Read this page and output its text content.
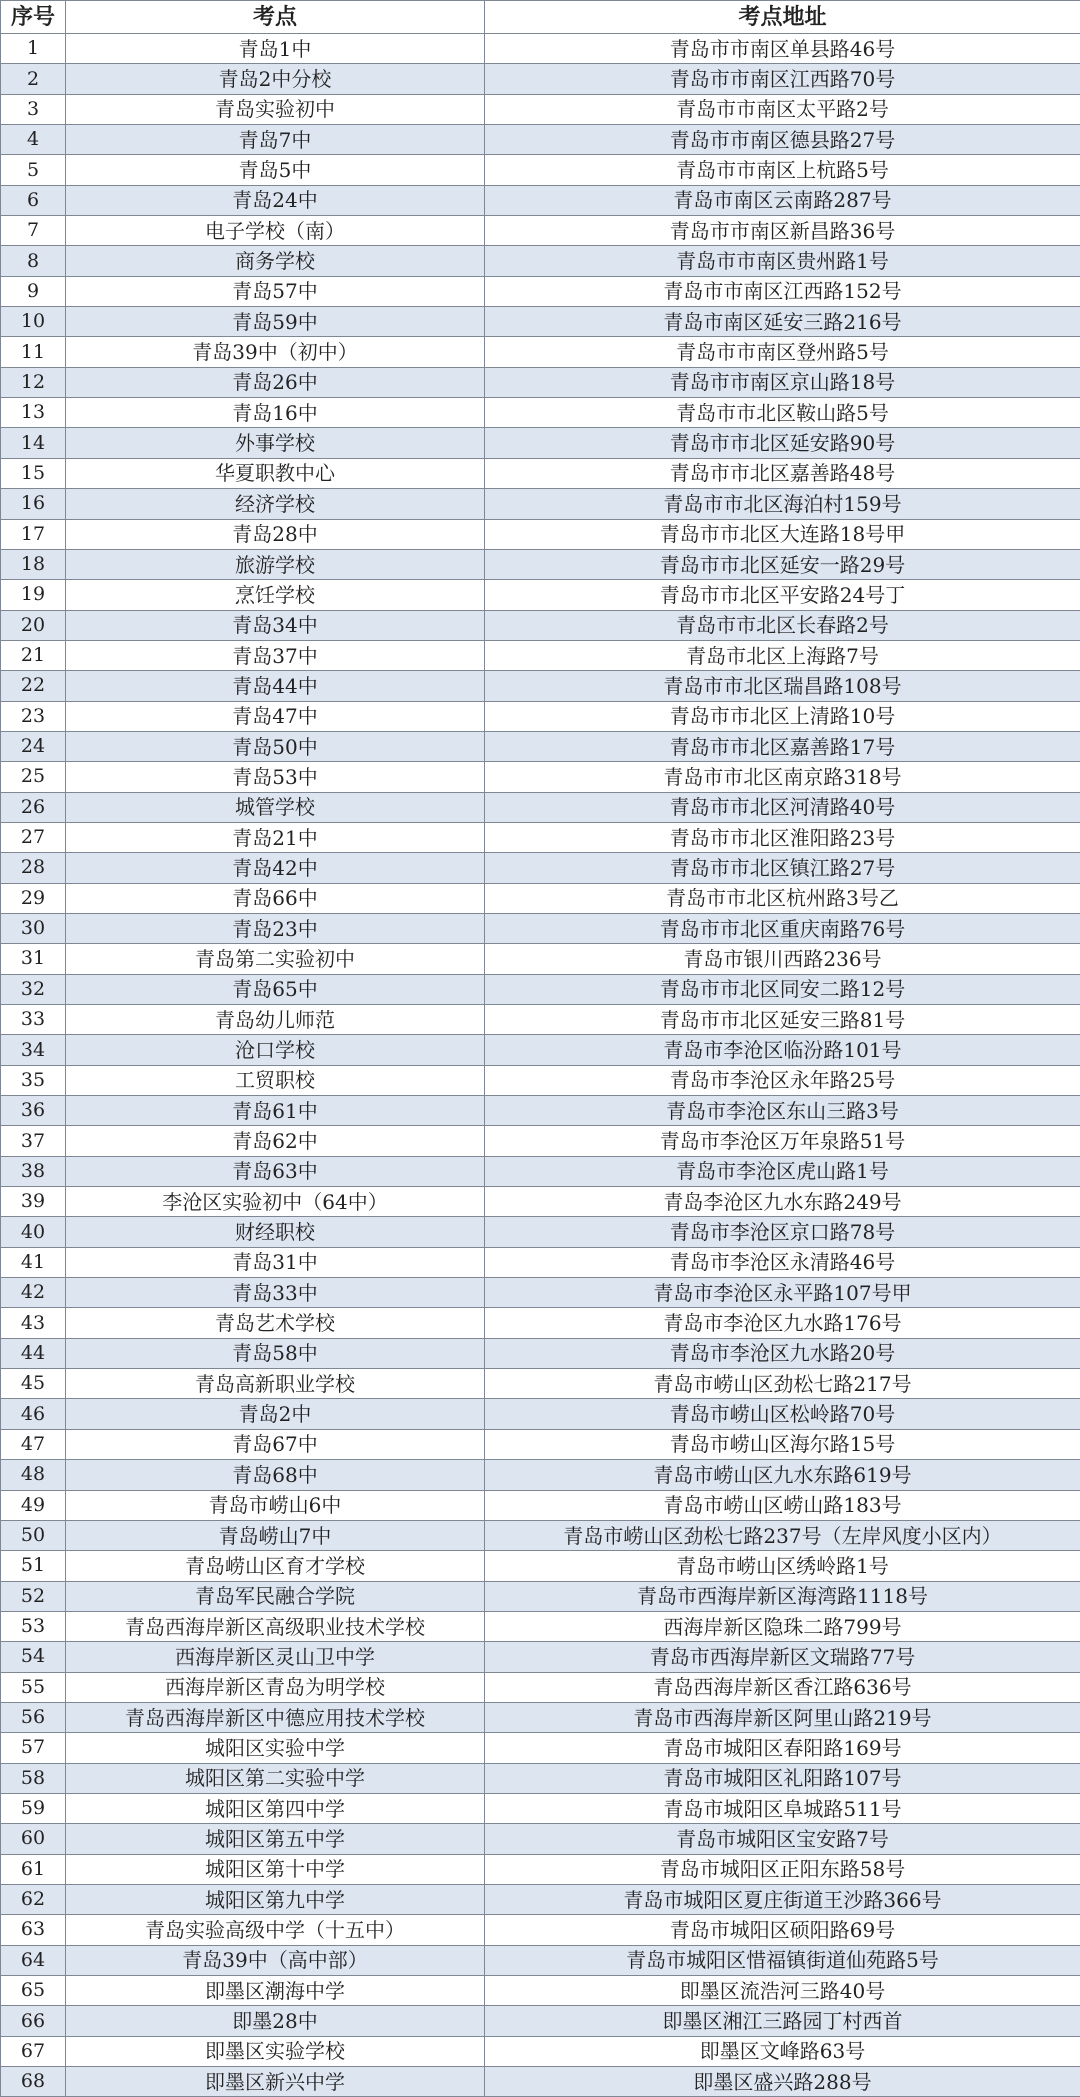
序号	考点	考点地址
1	青岛1中	青岛市市南区单县路46号
2	青岛2中分校	青岛市市南区江西路70号
3	青岛实验初中	青岛市市南区太平路2号
4	青岛7中	青岛市市南区德县路27号
5	青岛5中	青岛市市南区上杭路5号
6	青岛24中	青岛市南区云南路287号
7	电子学校（南）	青岛市市南区新昌路36号
8	商务学校	青岛市市南区贵州路1号
9	青岛57中	青岛市市南区江西路152号
10	青岛59中	青岛市南区延安三路216号
11	青岛39中（初中）	青岛市市南区登州路5号
12	青岛26中	青岛市市南区京山路18号
13	青岛16中	青岛市市北区鞍山路5号
14	外事学校	青岛市市北区延安路90号
15	华夏职教中心	青岛市市北区嘉善路48号
16	经济学校	青岛市市北区海泊村159号
17	青岛28中	青岛市市北区大连路18号甲
18	旅游学校	青岛市市北区延安一路29号
19	烹饪学校	青岛市市北区平安路24号丁
20	青岛34中	青岛市市北区长春路2号
21	青岛37中	青岛市北区上海路7号
22	青岛44中	青岛市市北区瑞昌路108号
23	青岛47中	青岛市市北区上清路10号
24	青岛50中	青岛市市北区嘉善路17号
25	青岛53中	青岛市市北区南京路318号
26	城管学校	青岛市市北区河清路40号
27	青岛21中	青岛市市北区淮阳路23号
28	青岛42中	青岛市市北区镇江路27号
29	青岛66中	青岛市市北区杭州路3号乙
30	青岛23中	青岛市市北区重庆南路76号
31	青岛第二实验初中	青岛市银川西路236号
32	青岛65中	青岛市市北区同安二路12号
33	青岛幼儿师范	青岛市市北区延安三路81号
34	沧口学校	青岛市李沧区临汾路101号
35	工贸职校	青岛市李沧区永年路25号
36	青岛61中	青岛市李沧区东山三路3号
37	青岛62中	青岛市李沧区万年泉路51号
38	青岛63中	青岛市李沧区虎山路1号
39	李沧区实验初中（64中）	青岛李沧区九水东路249号
40	财经职校	青岛市李沧区京口路78号
41	青岛31中	青岛市李沧区永清路46号
42	青岛33中	青岛市李沧区永平路107号甲
43	青岛艺术学校	青岛市李沧区九水路176号
44	青岛58中	青岛市李沧区九水路20号
45	青岛高新职业学校	青岛市崂山区劲松七路217号
46	青岛2中	青岛市崂山区松岭路70号
47	青岛67中	青岛市崂山区海尔路15号
48	青岛68中	青岛市崂山区九水东路619号
49	青岛市崂山6中	青岛市崂山区崂山路183号
50	青岛崂山7中	青岛市崂山区劲松七路237号（左岸风度小区内）
51	青岛崂山区育才学校	青岛市崂山区绣岭路1号
52	青岛军民融合学院	青岛市西海岸新区海湾路1118号
53	青岛西海岸新区高级职业技术学校	西海岸新区隐珠二路799号
54	西海岸新区灵山卫中学	青岛市西海岸新区文瑞路77号
55	西海岸新区青岛为明学校	青岛西海岸新区香江路636号
56	青岛西海岸新区中德应用技术学校	青岛市西海岸新区阿里山路219号
57	城阳区实验中学	青岛市城阳区春阳路169号
58	城阳区第二实验中学	青岛市城阳区礼阳路107号
59	城阳区第四中学	青岛市城阳区阜城路511号
60	城阳区第五中学	青岛市城阳区宝安路7号
61	城阳区第十中学	青岛市城阳区正阳东路58号
62	城阳区第九中学	青岛市城阳区夏庄街道王沙路366号
63	青岛实验高级中学（十五中）	青岛市城阳区硕阳路69号
64	青岛39中（高中部）	青岛市城阳区惜福镇街道仙苑路5号
65	即墨区潮海中学	即墨区流浩河三路40号
66	即墨28中	即墨区湘江三路园丁村西首
67	即墨区实验学校	即墨区文峰路63号
68	即墨区新兴中学	即墨区盛兴路288号
